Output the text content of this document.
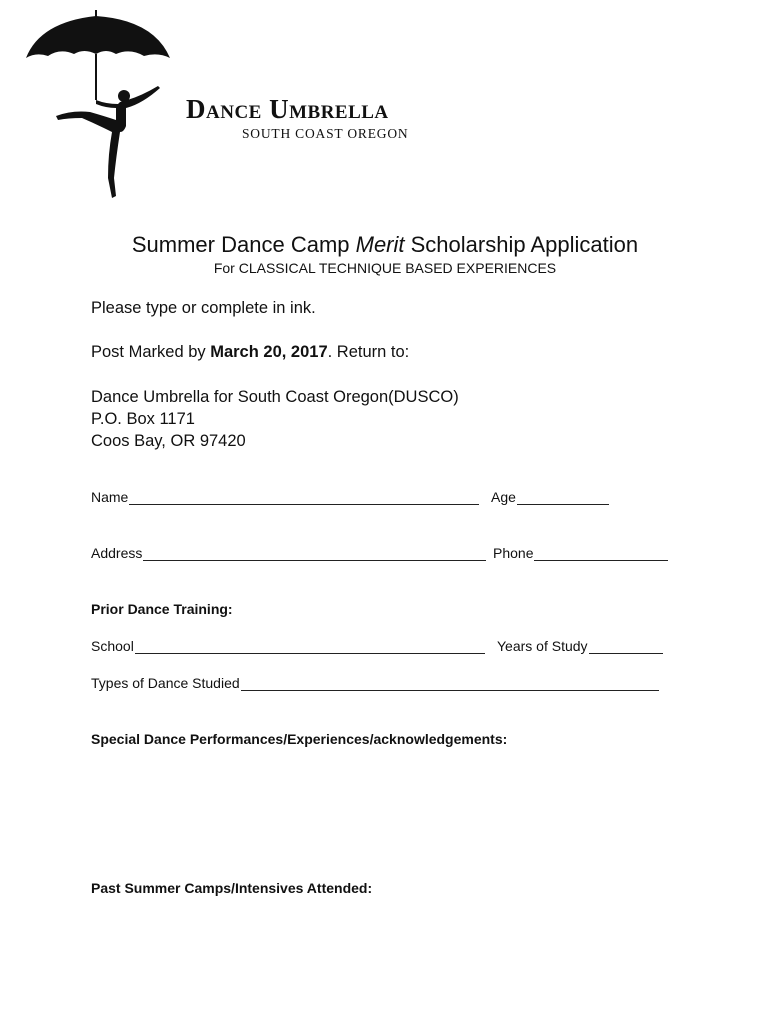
Dance Umbrella
SOUTH COAST OREGON
Summer Dance Camp Merit Scholarship Application

For CLASSICAL TECHNIQUE BASED EXPERIENCES

Please type or complete in ink.
Post Marked by March 20, 2017. Return to:
Dance Umbrella for South Coast Oregon(DUSCO)
P.O. Box 1171
Coos Bay, OR 97420
Name	Age
Address	Phone
Prior Dance Training:
School	Years of Study
Types of Dance Studied
Special Dance Performances/Experiences/acknowledgements:
Past Summer Camps/Intensives Attended:
